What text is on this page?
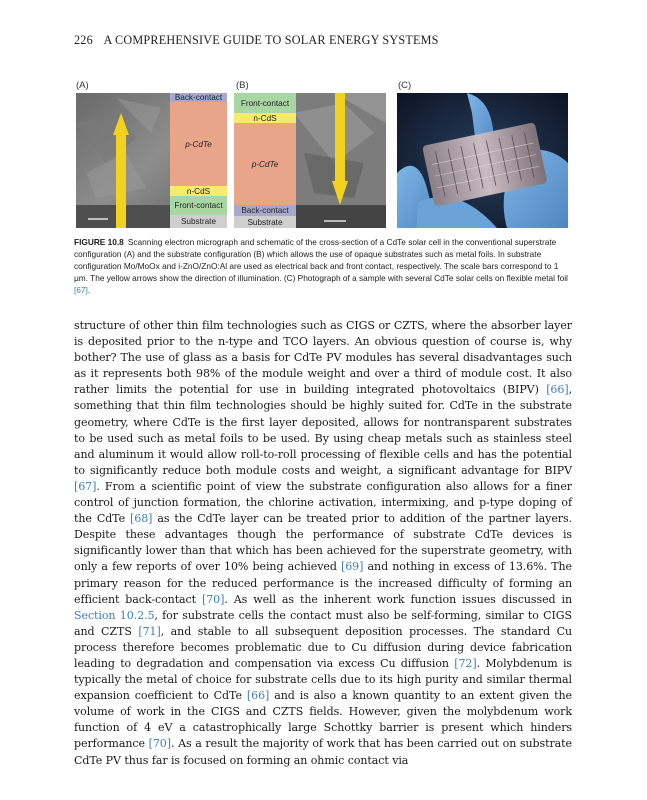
226 A COMPREHENSIVE GUIDE TO SOLAR ENERGY SYSTEMS
(A)	(B)	(C)
Back-contact
p-CdTe
n-CdS
Front-contact
Substrate
Front-contact
n-CdS
p-CdTe
Back-contact
Substrate
FIGURE 10.8 Scanning electron micrograph and schematic of the cross-section of a CdTe solar cell in the conventional superstrate configuration (A) and the substrate configuration (B) which allows the use of opaque substrates such as metal foils. In substrate configuration Mo/MoOx and i-ZnO/ZnO:Al are used as electrical back and front contact, respectively. The scale bars correspond to 1 μm. The yellow arrows show the direction of illumination. (C) Photograph of a sample with several CdTe solar cells on flexible metal foil [67].
structure of other thin film technologies such as CIGS or CZTS, where the absorber layer is deposited prior to the n-type and TCO layers. An obvious question of course is, why bother? The use of glass as a basis for CdTe PV modules has several disadvantages such as it represents both 98% of the module weight and over a third of module cost. It also rather limits the potential for use in building integrated photovoltaics (BIPV) [66], something that thin film technologies should be highly suited for. CdTe in the substrate geometry, where CdTe is the first layer deposited, allows for nontransparent substrates to be used such as metal foils to be used. By using cheap metals such as stainless steel and aluminum it would allow roll-to-roll processing of flexible cells and has the potential to significantly reduce both module costs and weight, a significant advantage for BIPV [67]. From a scientific point of view the substrate configuration also allows for a finer control of junction formation, the chlorine activation, intermixing, and p-type doping of the CdTe [68] as the CdTe layer can be treated prior to addition of the partner layers. Despite these advantages though the performance of substrate CdTe devices is significantly lower than that which has been achieved for the superstrate geometry, with only a few reports of over 10% being achieved [69] and nothing in excess of 13.6%. The primary reason for the reduced performance is the increased difficulty of forming an efficient back-contact [70]. As well as the inherent work function issues discussed in Section 10.2.5, for substrate cells the contact must also be self-forming, similar to CIGS and CZTS [71], and stable to all subsequent deposition processes. The standard Cu process therefore becomes problematic due to Cu diffusion during device fabrication leading to degradation and compensation via excess Cu diffusion [72]. Molybdenum is typically the metal of choice for substrate cells due to its high purity and similar thermal expansion coefficient to CdTe [66] and is also a known quantity to an extent given the volume of work in the CIGS and CZTS fields. However, given the molybdenum work function of 4 eV a catastrophically large Schottky barrier is present which hinders performance [70]. As a result the majority of work that has been carried out on substrate CdTe PV thus far is focused on forming an ohmic contact via
